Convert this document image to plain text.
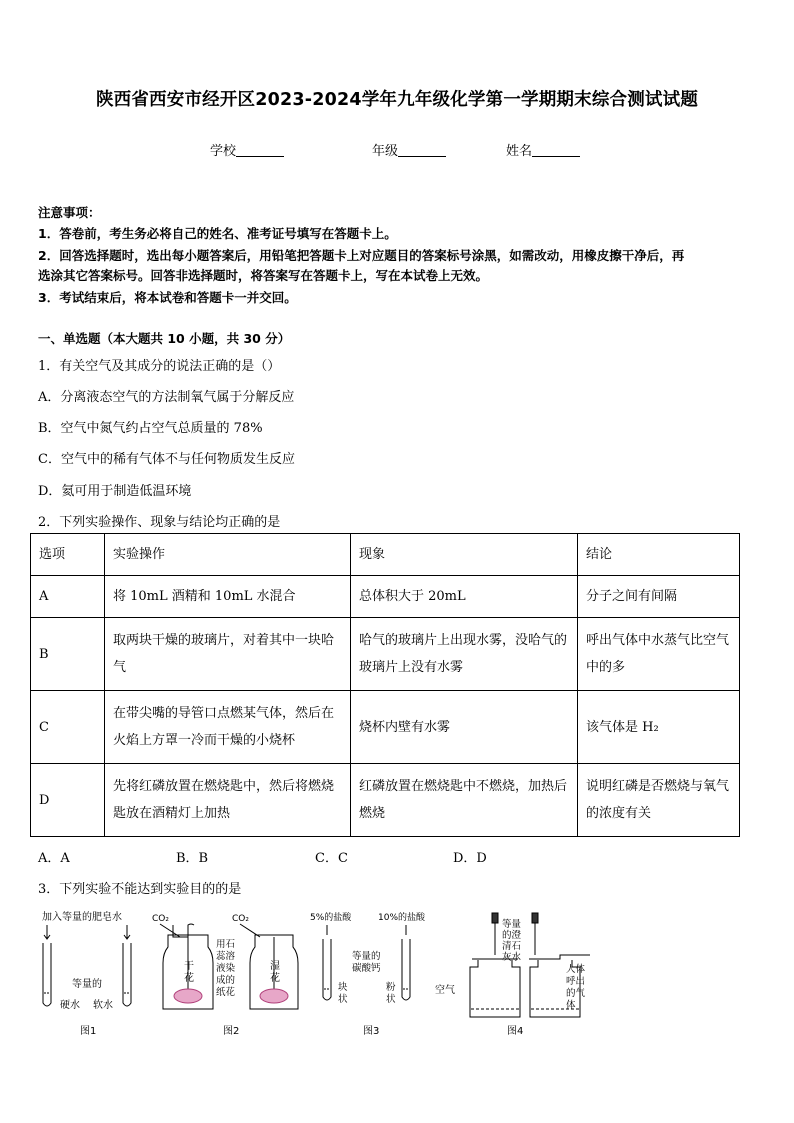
陕西省西安市经开区2023-2024学年九年级化学第一学期期末综合测试试题
学校	年级	姓名
注意事项：
1．答卷前，考生务必将自己的姓名、准考证号填写在答题卡上。
2．回答选择题时，选出每小题答案后，用铅笔把答题卡上对应题目的答案标号涂黑，如需改动，用橡皮擦干净后，再
选涂其它答案标号。回答非选择题时，将答案写在答题卡上，写在本试卷上无效。
3．考试结束后，将本试卷和答题卡一并交回。
一、单选题（本大题共 10 小题，共 30 分）
1．有关空气及其成分的说法正确的是（）
A．分离液态空气的方法制氧气属于分解反应
B．空气中氮气约占空气总质量的 78%
C．空气中的稀有气体不与任何物质发生反应
D．氦可用于制造低温环境
2．下列实验操作、现象与结论均正确的是
选项	实验操作	现象	结论
A	将 10mL 酒精和 10mL 水混合	总体积大于 20mL	分子之间有间隔
B	取两块干燥的玻璃片，对着其中一块哈气	哈气的玻璃片上出现水雾，没哈气的玻璃片上没有水雾	呼出气体中水蒸气比空气中的多
C	在带尖嘴的导管口点燃某气体，然后在火焰上方罩一冷而干燥的小烧杯	烧杯内壁有水雾	该气体是 H₂
D	先将红磷放置在燃烧匙中，然后将燃烧匙放在酒精灯上加热	红磷放置在燃烧匙中不燃烧，加热后燃烧	说明红磷是否燃烧与氧气的浓度有关
A．A	B．B	C．C	D．D
3．下列实验不能达到实验目的的是
加入等量的肥皂水
等量的
硬水 软水
图1
CO₂
干
花
CO₂
用石
蕊溶
液染
成的
纸花
湿
花
图2
5%的盐酸	10%的盐酸
等量的
碳酸钙
块
状
粉
状
图3
等量
的澄
清石
灰水
空气
人体
呼出
的气
体
图4
